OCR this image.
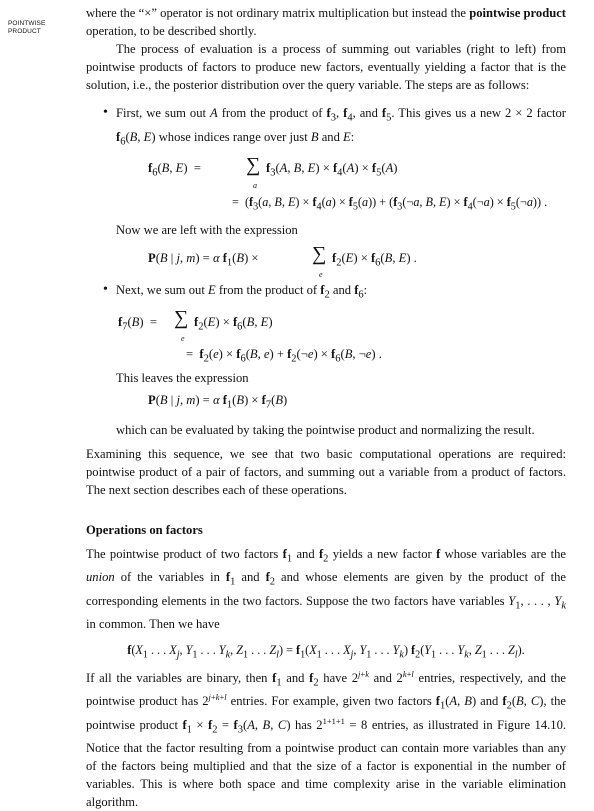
POINTWISE
PRODUCT

where the “×” operator is not ordinary matrix multiplication but instead the pointwise product operation, to be described shortly.

The process of evaluation is a process of summing out variables (right to left) from pointwise products of factors to produce new factors, eventually yielding a factor that is the solution, i.e., the posterior distribution over the query variable. The steps are as follows:

• First, we sum out A from the product of $f_3$, $f_4$, and $f_5$. This gives us a new 2 × 2 factor $f_6(B$, E) whose indices range over just B and E:

$f_6(B$, E)  = ∑
a
$f_3(A$, B, $E) \times f_4(A) \times f_5(A)$
=  ($f_3(a$, B, $E) \times f_4(a) \times f_5(a)$) + ($f_3(\neg a$, B, $E) \times f_4(\neg a)$ × $f_5(\neg a)$) .

Now we are left with the expression

P(B | j, m) = α $f_1(B)$ ×	∑
e
$f_2(E) \times f_6(B$, E) .
• Next, we sum out E from the product of $f_2$ and $f_6$:

$f_7(B)$  = ∑
e
$f_2(E) \times f_6(B$, E)
=  $f_2(e) \times f_6(B$, $e) + f_2(\neg e) \times f_6(B$, ¬e) .

This leaves the expression

P(B | j, m) = α $f_1(B) \times f_7(B)$

which can be evaluated by taking the pointwise product and normalizing the result.

Examining this sequence, we see that two basic computational operations are required: pointwise product of a pair of factors, and summing out a variable from a product of factors. The next section describes each of these operations.

Operations on factors

The pointwise product of two factors $f_1$ and $f_2$ yields a new factor f whose variables are the union of the variables in $f_1$ and $f_2$ and whose elements are given by the product of the corresponding elements in the two factors. Suppose the two factors have variables $Y_1$, . . . , $Y_k$ in common. Then we have

$f(X_1$ . . . $X_j$, $Y_1$ . . . $Y_k$, $Z_1$ . . . $Z_l) = f_1(X_1$ . . . $X_j$, $Y_1$ . . . $Y_k$) $f_2(Y_1$ . . . $Y_k$, $Z_1$ . . . $Z_l$).

If all the variables are binary, then $f_1$ and $f_2$ have $2^{j+k}$ and $2^{k+l}$ entries, respectively, and the pointwise product has $2^{j+k+l}$ entries. For example, given two factors $f_1(A$, B) and $f_2(B$, C), the pointwise product $f_1 \times f_2 = f_3(A$, B, C) has $2^{1+1+1} = 8$ entries, as illustrated in Figure 14.10. Notice that the factor resulting from a pointwise product can contain more variables than any of the factors being multiplied and that the size of a factor is exponential in the number of variables. This is where both space and time complexity arise in the variable elimination algorithm.
